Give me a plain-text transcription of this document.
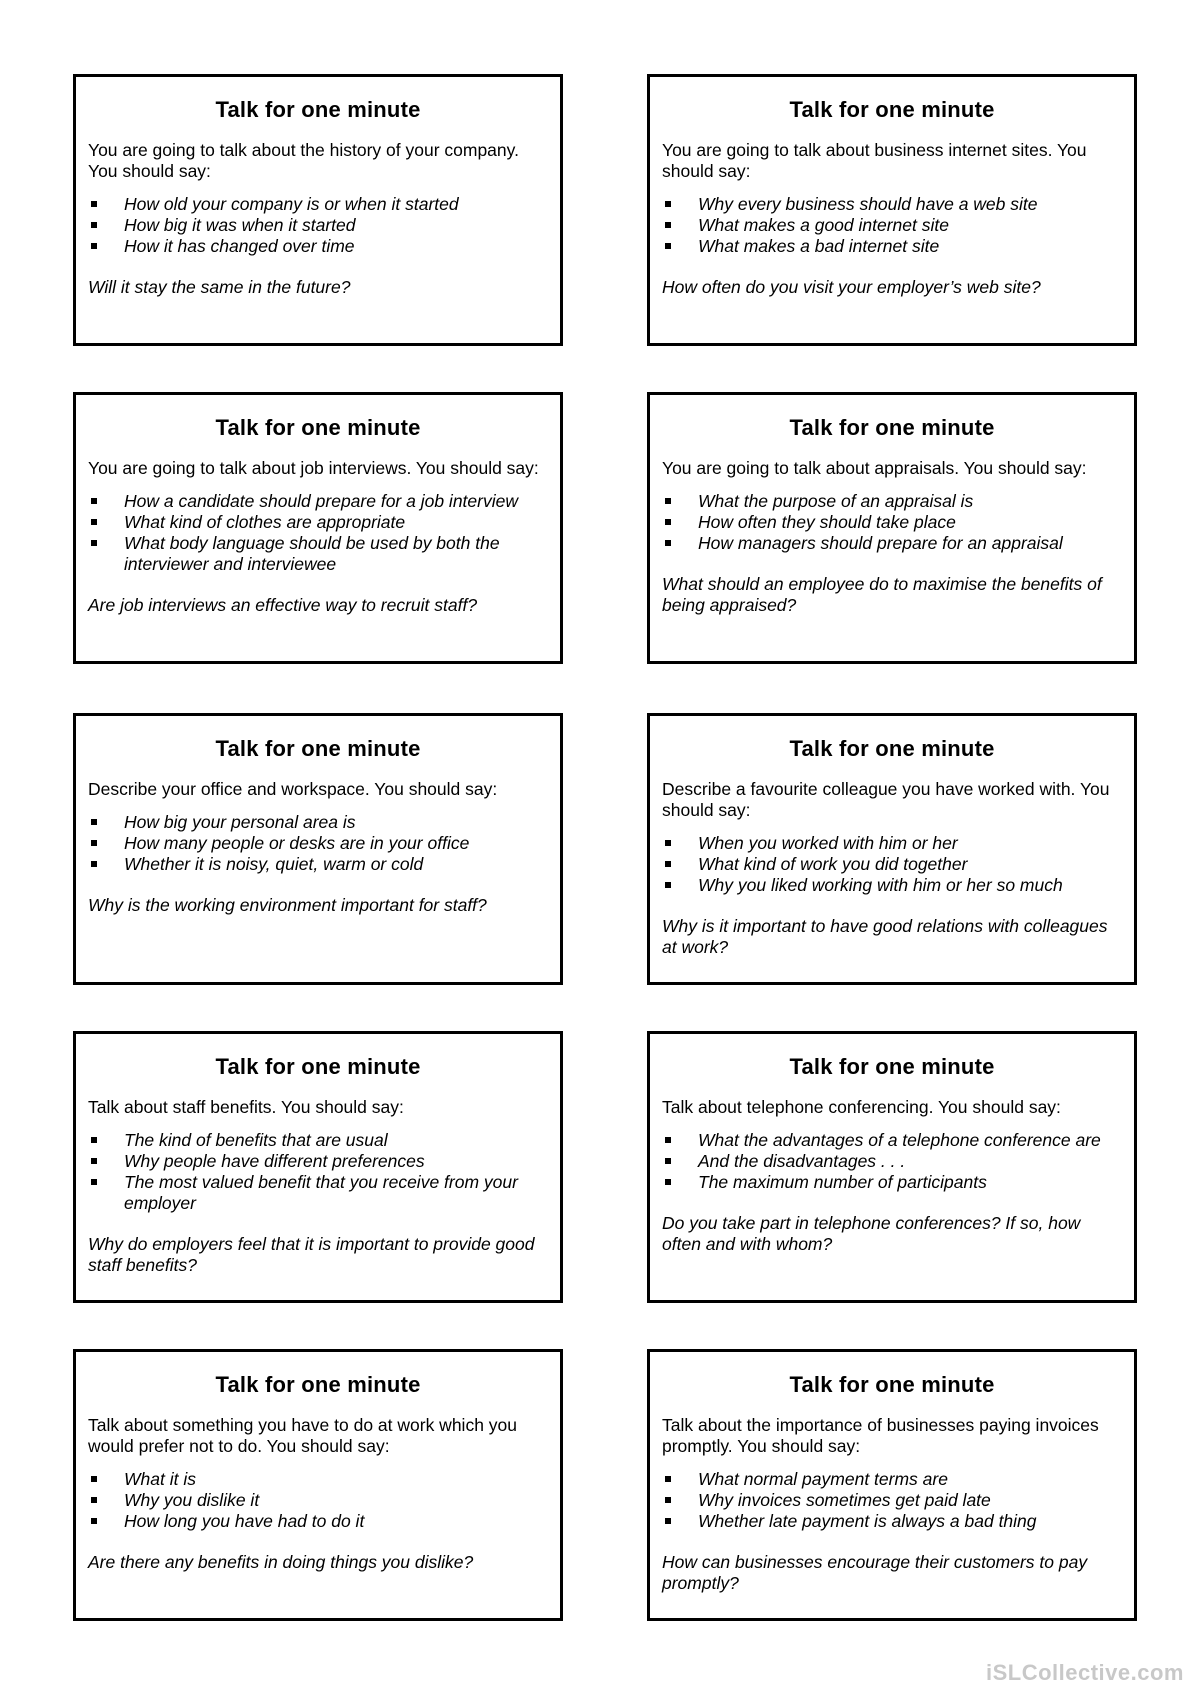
Talk for one minute

You are going to talk about the history of your company. You should say:

How old your company is or when it started
How big it was when it started
How it has changed over time

Will it stay the same in the future?

Talk for one minute

You are going to talk about business internet sites. You should say:

Why every business should have a web site
What makes a good internet site
What makes a bad internet site

How often do you visit your employer’s web site?

Talk for one minute

You are going to talk about job interviews. You should say:

How a candidate should prepare for a job interview
What kind of clothes are appropriate
What body language should be used by both the interviewer and interviewee

Are job interviews an effective way to recruit staff?

Talk for one minute

You are going to talk about appraisals. You should say:

What the purpose of an appraisal is
How often they should take place
How managers should prepare for an appraisal

What should an employee do to maximise the benefits of being appraised?

Talk for one minute

Describe your office and workspace. You should say:

How big your personal area is
How many people or desks are in your office
Whether it is noisy, quiet, warm or cold

Why is the working environment important for staff?

Talk for one minute

Describe a favourite colleague you have worked with. You should say:

When you worked with him or her
What kind of work you did together
Why you liked working with him or her so much

Why is it important to have good relations with colleagues at work?

Talk for one minute

Talk about staff benefits. You should say:

The kind of benefits that are usual
Why people have different preferences
The most valued benefit that you receive from your employer

Why do employers feel that it is important to provide good staff benefits?

Talk for one minute

Talk about telephone conferencing. You should say:

What the advantages of a telephone conference are
And the disadvantages . . .
The maximum number of participants

Do you take part in telephone conferences? If so, how often and with whom?

Talk for one minute

Talk about something you have to do at work which you would prefer not to do. You should say:

What it is
Why you dislike it
How long you have had to do it

Are there any benefits in doing things you dislike?

Talk for one minute

Talk about the importance of businesses paying invoices promptly. You should say:

What normal payment terms are
Why invoices sometimes get paid late
Whether late payment is always a bad thing

How can businesses encourage their customers to pay promptly?

iSLCollective.com
